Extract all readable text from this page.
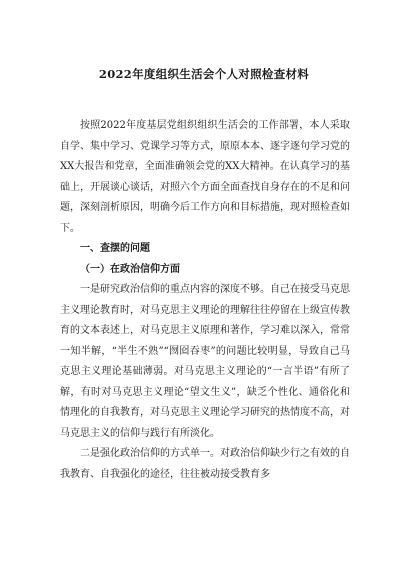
2022年度组织生活会个人对照检查材料

按照2022年度基层党组织组织生活会的工作部署，本人采取自学、集中学习、党课学习等方式，原原本本、逐字逐句学习党的XX大报告和党章，全面准确领会党的XX大精神。在认真学习的基础上，开展谈心谈话，对照六个方面全面查找自身存在的不足和问题，深刻剖析原因，明确今后工作方向和目标措施，现对照检查如下。

一、查摆的问题

（一）在政治信仰方面

一是研究政治信仰的重点内容的深度不够。自己在接受马克思主义理论教育时，对马克思主义理论的理解往往停留在上级宣传教育的文本表述上，对马克思主义原理和著作，学习难以深入，常常一知半解，“半生不熟”“囫囵吞枣”的问题比较明显，导致自己马克思主义理论基础薄弱。对马克思主义理论的“一言半语”有所了解，有时对马克思主义理论“望文生义”，缺乏个性化、通俗化和情理化的自我教育，对马克思主义理论学习研究的热情度不高，对马克思主义的信仰与践行有所淡化。

二是强化政治信仰的方式单一。对政治信仰缺少行之有效的自我教育、自我强化的途径，往往被动接受教育多
